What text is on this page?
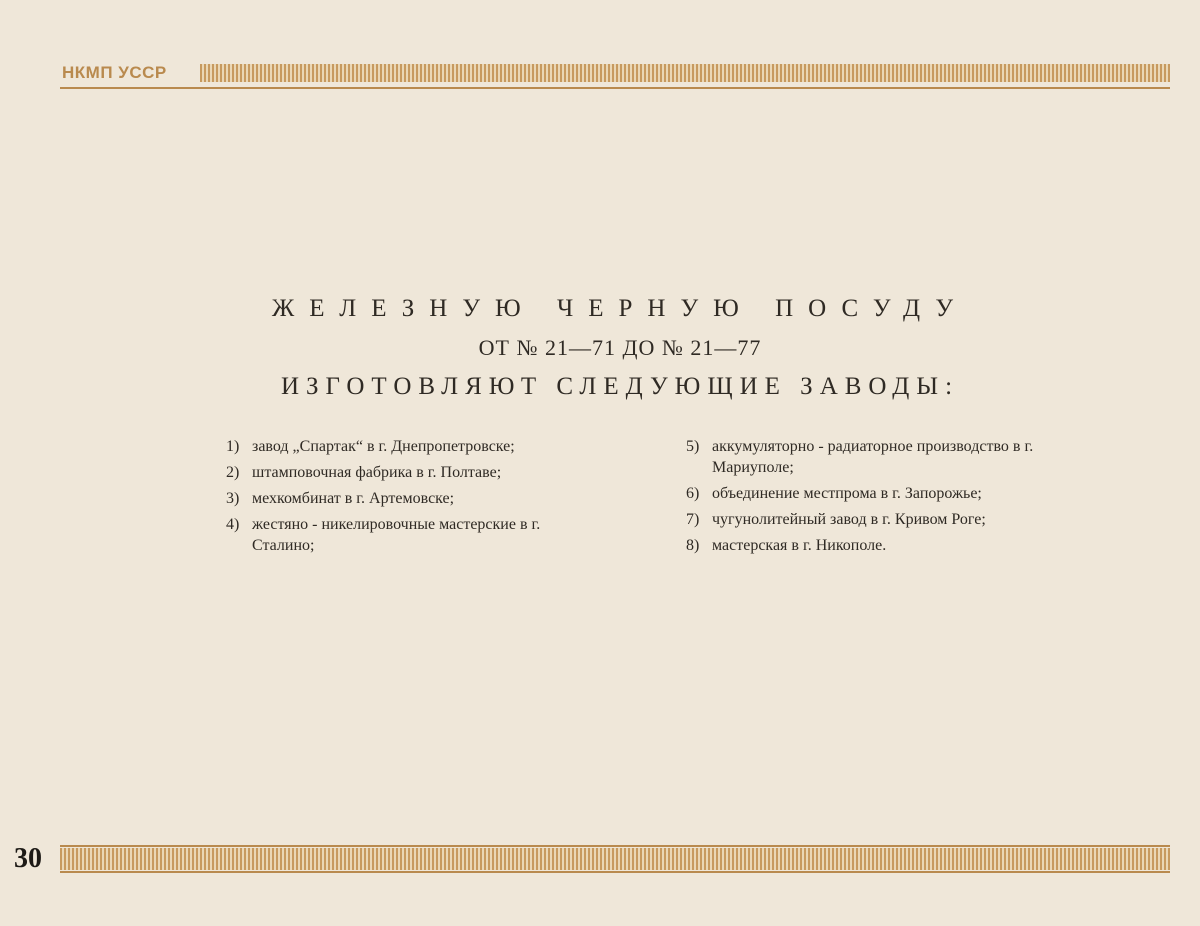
НКМП УССР

ЖЕЛЕЗНУЮ ЧЕРНУЮ ПОСУДУ

ОТ № 21—71 ДО № 21—77

ИЗГОТОВЛЯЮТ СЛЕДУЮЩИЕ ЗАВОДЫ:

1) завод „Спартак“ в г. Днепропетровске;
2) штамповочная фабрика в г. Полтаве;
3) мехкомбинат в г. Артемовске;
4) жестяно - никелировочные мастерские в г. Сталино;
5) аккумуляторно - радиаторное производство в г. Мариуполе;
6) объединение местпрома в г. Запорожье;
7) чугунолитейный завод в г. Кривом Роге;
8) мастерская в г. Никополе.
30
